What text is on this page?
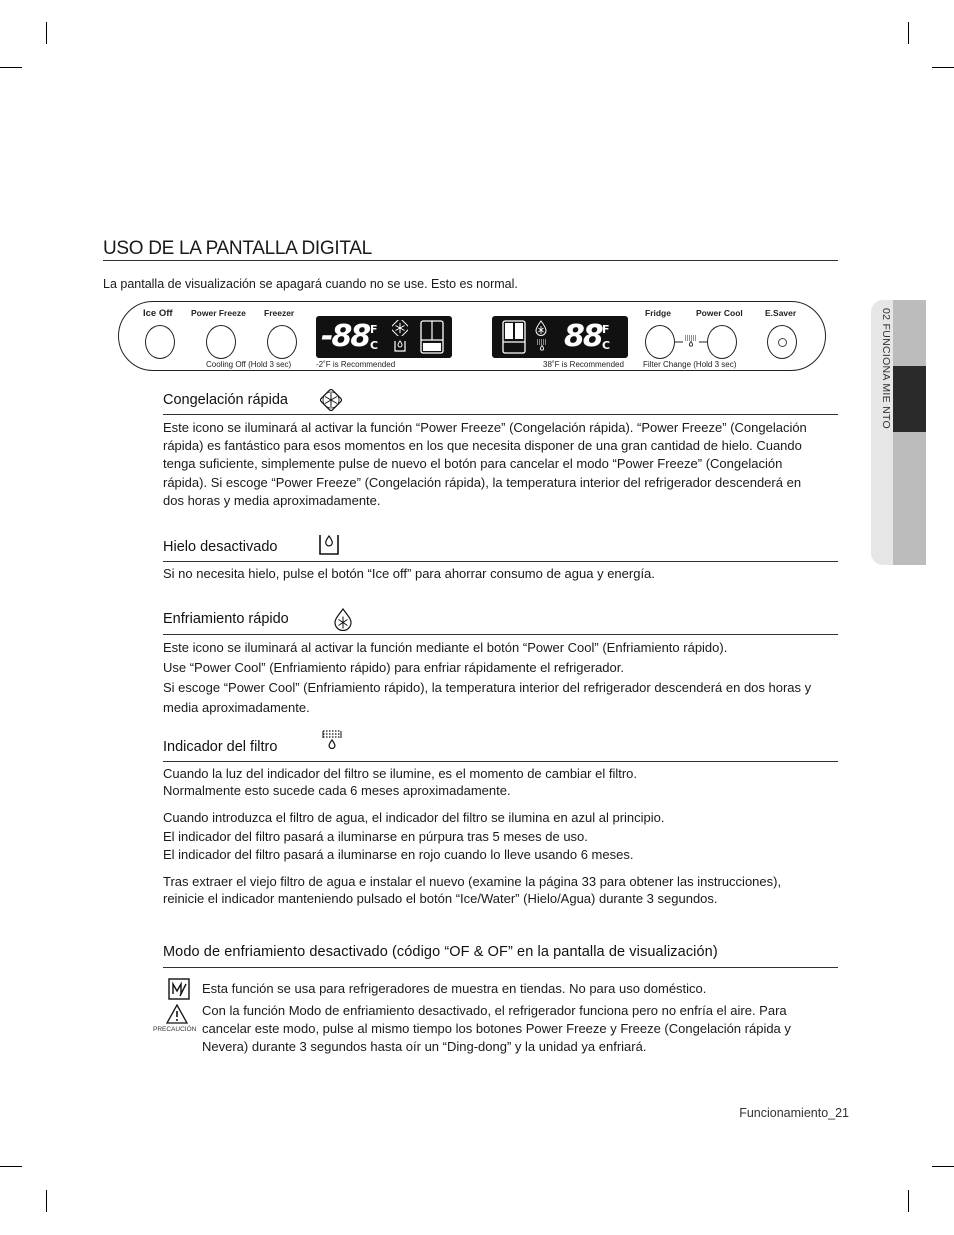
USO DE LA PANTALLA DIGITAL
La pantalla de visualización se apagará cuando no se use. Esto es normal.
Ice Off Power Freeze Freezer
Cooling Off (Hold 3 sec)
-88 F
C
-2˚F is Recommended
88 F
C
38˚F is Recommended
Fridge	Power Cool
Filter Change (Hold 3 sec)
E.Saver
Congelación rápida
Este icono se iluminará al activar la función “Power Freeze” (Congelación rápida). “Power Freeze” (Congelación rápida) es fantástico para esos momentos en los que necesita disponer de una gran cantidad de hielo. Cuando tenga suficiente, simplemente pulse de nuevo el botón para cancelar el modo “Power Freeze” (Congelación rápida). Si escoge “Power Freeze” (Congelación rápida), la temperatura interior del refrigerador descenderá en dos horas y media aproximadamente.
Hielo desactivado
Si no necesita hielo, pulse el botón “Ice off” para ahorrar consumo de agua y energía.
Enfriamiento rápido

Este icono se iluminará al activar la función mediante el botón “Power Cool” (Enfriamiento rápido).

Use “Power Cool” (Enfriamiento rápido) para enfriar rápidamente el refrigerador.

Si escoge “Power Cool” (Enfriamiento rápido), la temperatura interior del refrigerador descenderá en dos horas y media aproximadamente.

Indicador del filtro

Cuando la luz del indicador del filtro se ilumine, es el momento de cambiar el filtro.

Normalmente esto sucede cada 6 meses aproximadamente.

Cuando introduzca el filtro de agua, el indicador del filtro se ilumina en azul al principio.

El indicador del filtro pasará a iluminarse en púrpura tras 5 meses de uso.

El indicador del filtro pasará a iluminarse en rojo cuando lo lleve usando 6 meses.

Tras extraer el viejo filtro de agua e instalar el nuevo (examine la página 33 para obtener las instrucciones), reinicie el indicador manteniendo pulsado el botón “Ice/Water” (Hielo/Agua) durante 3 segundos.
Modo de enfriamiento desactivado (código “OF & OF” en la pantalla de visualización)
Esta función se usa para refrigeradores de muestra en tiendas. No para uso doméstico.
PRECAUCIÓN
Con la función Modo de enfriamiento desactivado, el refrigerador funciona pero no enfría el aire. Para cancelar este modo, pulse al mismo tiempo los botones Power Freeze y Freeze (Congelación rápida y Nevera) durante 3 segundos hasta oír un “Ding-dong” y la unidad ya enfriará.
02 FUNCIONA MIE NTO
Funcionamiento_21
